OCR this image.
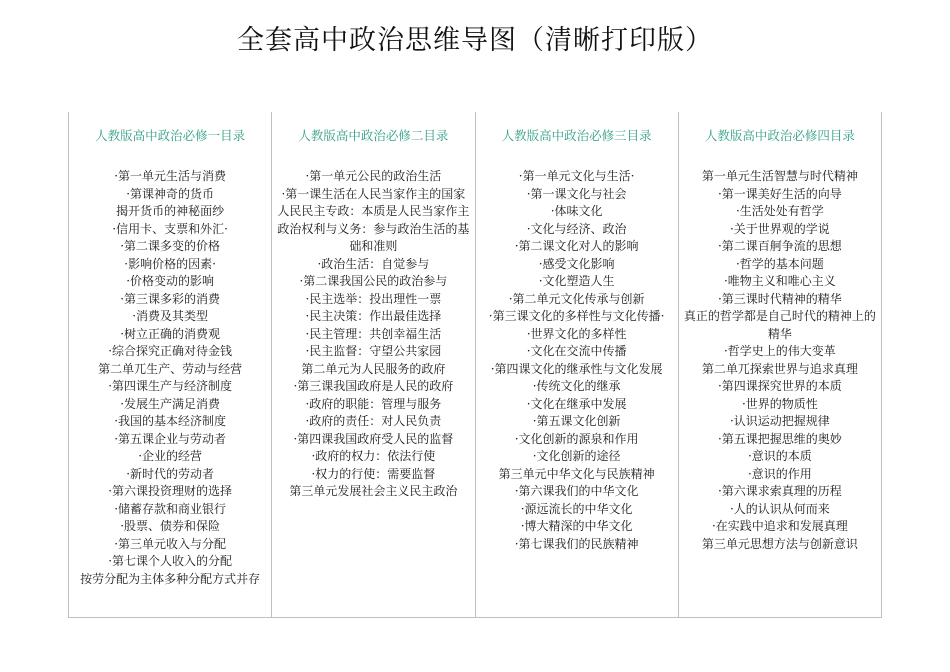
全套高中政治思维导图（清晰打印版）
人教版高中政治必修一目录
·第一单元生活与消费
·第课神奇的货币
揭开货币的神秘面纱
·信用卡、支票和外汇·
·第二课多变的价格
·影响价格的因素·
·价格变动的影响
·第三课多彩的消费
·消费及其类型
·树立正确的消费观
·综合探究正确对待金钱
第二单兀生产、劳动与经营
·第四课生产与经济制度
·发展生产满足消费
·我国的基本经济制度
·第五课企业与劳动者
·企业的经营
·新时代的劳动者
·第六课投资理财的选择
·储蓄存款和商业银行
·股票、债券和保险
·第三单元收入与分配
·第七课个人收入的分配
按劳分配为主体多种分配方式并存
人教版高中政治必修二目录
·第一单元公民的政治生活
·第一课生活在人民当家作主的国家
人民民主专政：本质是人民当家作主
政治权利与义务：参与政治生活的基础和准则
·政治生活：自觉参与
·第二课我国公民的政治参与
·民主选举：投出理性一票
·民主决策：作出最佳选择
·民主管理：共创幸福生活
·民主监督：守望公共家园
第二单元为人民服务的政府
·第三课我国政府是人民的政府
·政府的职能：管理与服务
·政府的责任：对人民负责
·第四课我国政府受人民的监督
·政府的权力：依法行使
·权力的行使：需要监督
第三单元发展社会主义民主政治
人教版高中政治必修三目录
·第一单元文化与生活·
·第一课文化与社会
·体味文化
·文化与经济、政治
·第二课文化对人的影响
·感受文化影响
·文化塑造人生
·第二单元文化传承与创新
·第三课文化的多样性与文化传播·
·世界文化的多样性
·文化在交流中传播
·第四课文化的继承性与文化发展
·传统文化的继承
·文化在继承中发展
·第五课文化创新
·文化创新的源泉和作用
·文化创新的途径
第三单元中华文化与民族精神
·第六课我们的中华文化
·源远流长的中华文化
·博大精深的中华文化
·第七课我们的民族精神
人教版高中政治必修四目录
第一单元生活智慧与时代精神
·第一课美好生活的向导
·生活处处有哲学
·关于世界观的学说
·第二课百舸争流的思想
·哲学的基本问题
·唯物主义和唯心主义
·第三课时代精神的精华
真正的哲学都是自己时代的精神上的精华
·哲学史上的伟大变革
第二单兀探索世界与追求真理
·第四课探究世界的本质
·世界的物质性
·认识运动把握规律
·第五课把握思维的奥妙
·意识的本质
·意识的作用
·第六课求索真理的历程
·人的认识从何而来
·在实践中追求和发展真理
第三单元思想方法与创新意识
